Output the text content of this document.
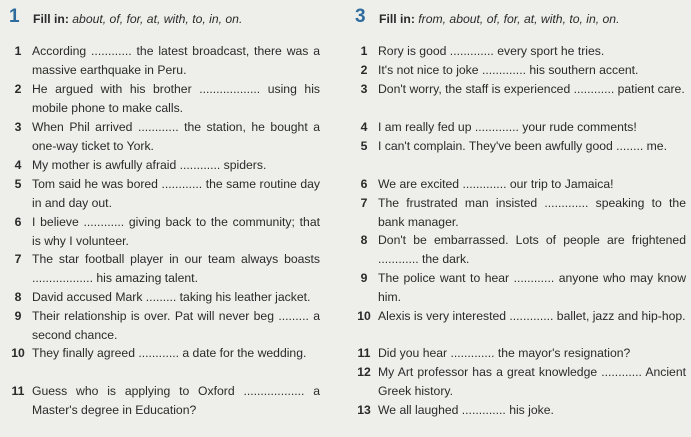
1 Fill in: about, of, for, at, with, to, in, on.
1 According ............ the latest broadcast, there was a massive earthquake in Peru.
2 He argued with his brother .................. using his mobile phone to make calls.
3 When Phil arrived ............ the station, he bought a one-way ticket to York.
4 My mother is awfully afraid ............ spiders.
5 Tom said he was bored ............ the same routine day in and day out.
6 I believe ............ giving back to the community; that is why I volunteer.
7 The star football player in our team always boasts .................. his amazing talent.
8 David accused Mark ......... taking his leather jacket.
9 Their relationship is over. Pat will never beg ......... a second chance.
10 They finally agreed ............ a date for the wedding.
11 Guess who is applying to Oxford .................. a Master's degree in Education?
3 Fill in: from, about, of, for, at, with, to, in, on.
1 Rory is good ............. every sport he tries.
2 It's not nice to joke ............. his southern accent.
3 Don't worry, the staff is experienced ............ patient care.
4 I am really fed up ............. your rude comments!
5 I can't complain. They've been awfully good ........ me.
6 We are excited ............. our trip to Jamaica!
7 The frustrated man insisted ............. speaking to the bank manager.
8 Don't be embarrassed. Lots of people are frightened ............ the dark.
9 The police want to hear ............ anyone who may know him.
10 Alexis is very interested ............. ballet, jazz and hip-hop.
11 Did you hear ............. the mayor's resignation?
12 My Art professor has a great knowledge ............ Ancient Greek history.
13 We all laughed ............. his joke.
